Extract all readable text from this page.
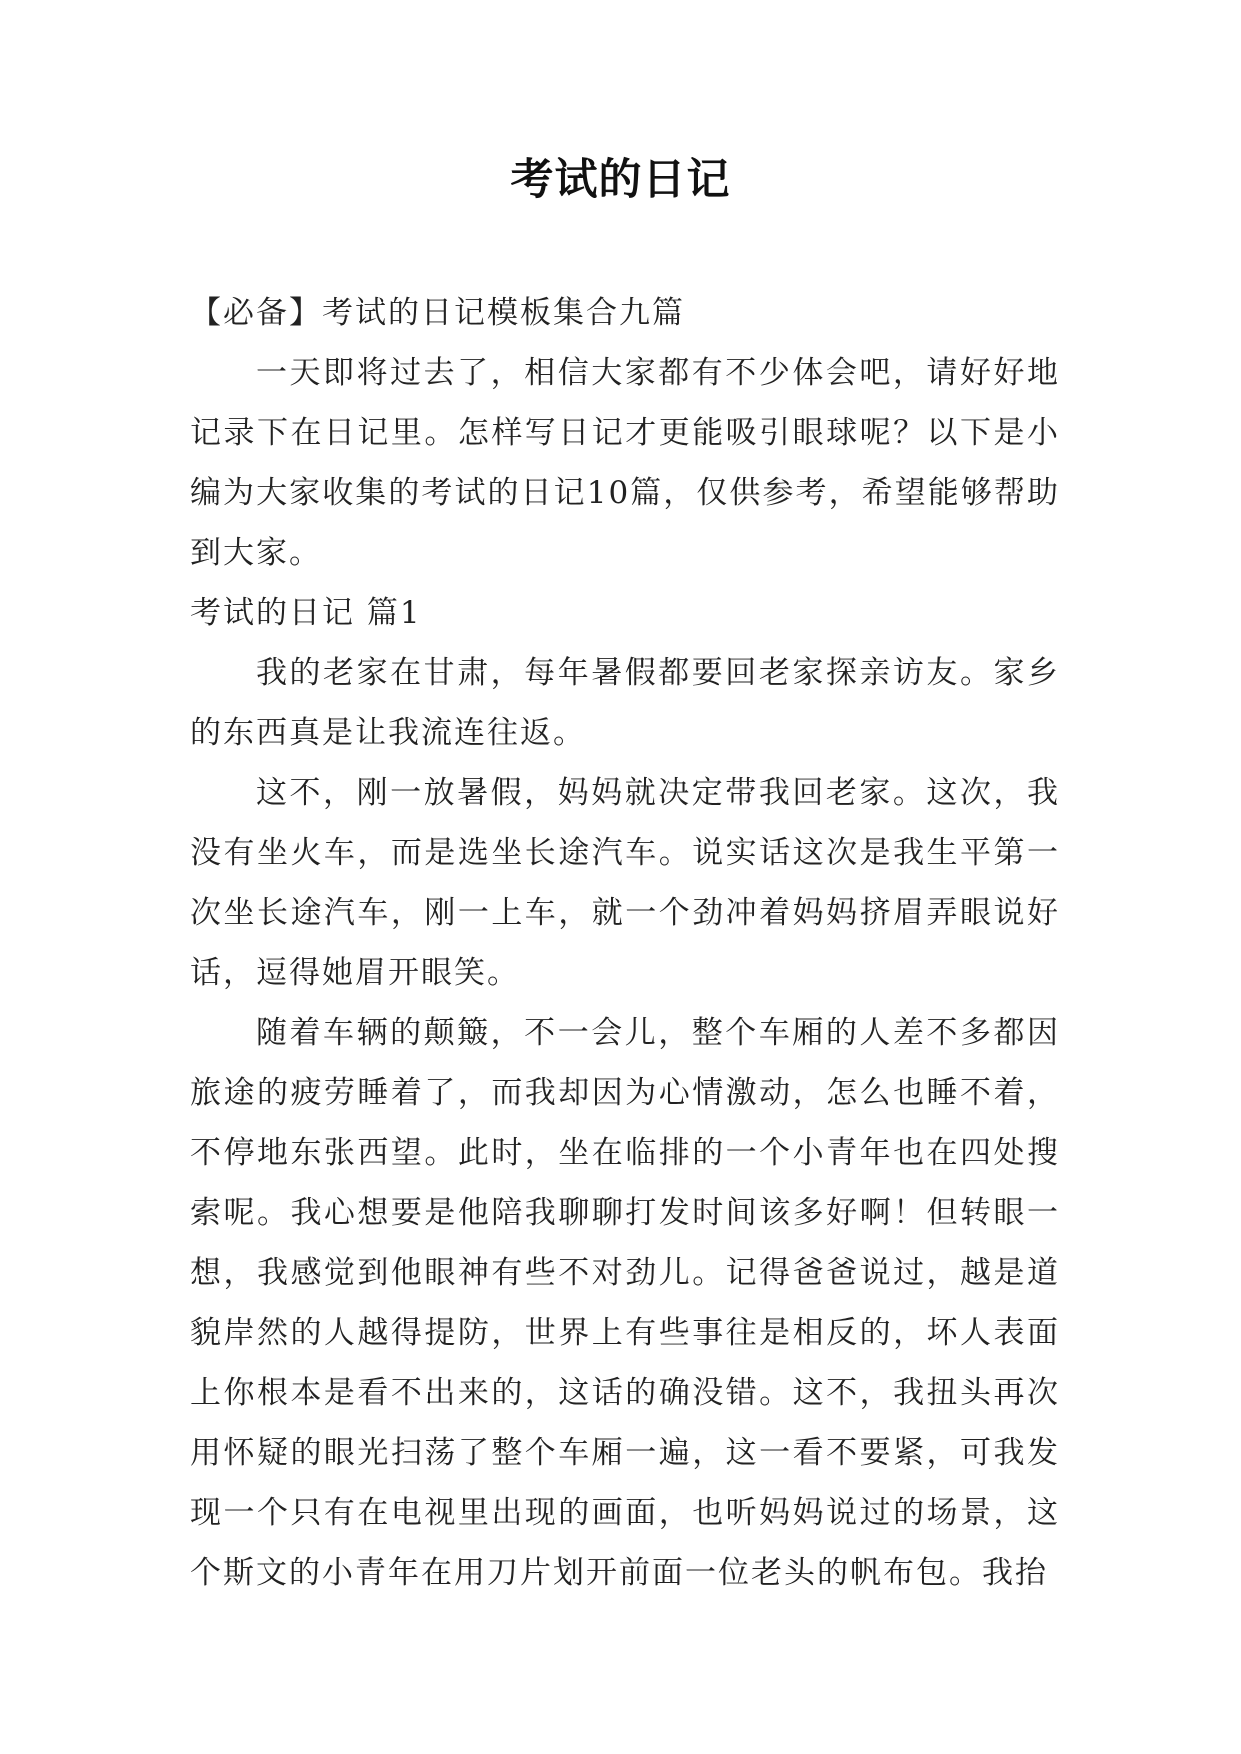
考试的日记

【必备】考试的日记模板集合九篇

一天即将过去了，相信大家都有不少体会吧，请好好地记录下在日记里。怎样写日记才更能吸引眼球呢？以下是小编为大家收集的考试的日记10篇，仅供参考，希望能够帮助到大家。

考试的日记 篇1

我的老家在甘肃，每年暑假都要回老家探亲访友。家乡的东西真是让我流连往返。

这不，刚一放暑假，妈妈就决定带我回老家。这次，我没有坐火车，而是选坐长途汽车。说实话这次是我生平第一次坐长途汽车，刚一上车，就一个劲冲着妈妈挤眉弄眼说好话，逗得她眉开眼笑。

随着车辆的颠簸，不一会儿，整个车厢的人差不多都因旅途的疲劳睡着了，而我却因为心情激动，怎么也睡不着，不停地东张西望。此时，坐在临排的一个小青年也在四处搜索呢。我心想要是他陪我聊聊打发时间该多好啊！但转眼一想，我感觉到他眼神有些不对劲儿。记得爸爸说过，越是道貌岸然的人越得提防，世界上有些事往是相反的，坏人表面上你根本是看不出来的，这话的确没错。这不，我扭头再次用怀疑的眼光扫荡了整个车厢一遍，这一看不要紧，可我发现一个只有在电视里出现的画面，也听妈妈说过的场景，这个斯文的小青年在用刀片划开前面一位老头的帆布包。我抬
